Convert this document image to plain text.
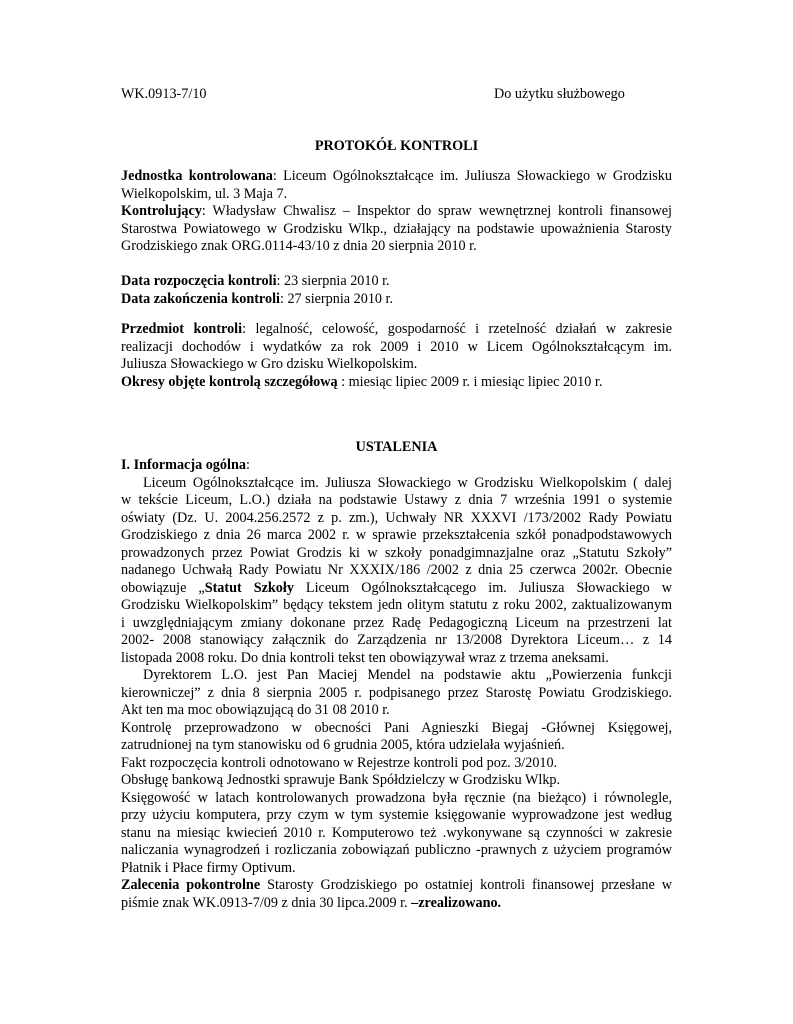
WK.0913-7/10	Do użytku służbowego
PROTOKÓŁ KONTROLI
Jednostka kontrolowana: Liceum Ogólnokształcące im. Juliusza Słowackiego w Grodzisku
Wielkopolskim, ul. 3 Maja 7.
Kontrolujący: Władysław Chwalisz – Inspektor do spraw wewnętrznej kontroli finansowej
Starostwa Powiatowego w Grodzisku Wlkp., działający na podstawie upoważnienia Starosty
Grodziskiego znak ORG.0114-43/10 z dnia 20 sierpnia 2010 r.
Data rozpoczęcia kontroli: 23 sierpnia 2010 r.
Data zakończenia kontroli: 27 sierpnia 2010 r.
Przedmiot kontroli: legalność, celowość, gospodarność i rzetelność działań w zakresie
realizacji dochodów i wydatków za rok 2009 i 2010 w Licem Ogólnokształcącym im.
Juliusza Słowackiego w Gro dzisku Wielkopolskim.
Okresy objęte kontrolą szczegółową : miesiąc lipiec 2009 r. i miesiąc lipiec 2010 r.
USTALENIA
I. Informacja ogólna:
Liceum Ogólnokształcące im. Juliusza Słowackiego w Grodzisku Wielkopolskim ( dalej
w tekście Liceum, L.O.) działa na podstawie Ustawy z dnia 7 września 1991 o systemie
oświaty (Dz. U. 2004.256.2572 z p. zm.), Uchwały NR XXXVI /173/2002 Rady Powiatu
Grodziskiego z dnia 26 marca 2002 r. w sprawie przekształcenia szkół ponadpodstawowych
prowadzonych przez Powiat Grodzis ki w szkoły ponadgimnazjalne oraz „Statutu Szkoły”
nadanego Uchwałą Rady Powiatu Nr XXXIX/186 /2002 z dnia 25 czerwca 2002r. Obecnie
obowiązuje „Statut Szkoły Liceum Ogólnokształcącego im. Juliusza Słowackiego w
Grodzisku Wielkopolskim” będący tekstem jedn olitym statutu z roku 2002, zaktualizowanym
i uwzględniającym zmiany dokonane przez Radę Pedagogiczną Liceum na przestrzeni lat
2002- 2008 stanowiący załącznik do Zarządzenia nr 13/2008 Dyrektora Liceum… z 14
listopada 2008 roku. Do dnia kontroli tekst ten obowiązywał wraz z trzema aneksami.
Dyrektorem L.O. jest Pan Maciej Mendel na podstawie aktu „Powierzenia funkcji
kierowniczej” z dnia 8 sierpnia 2005 r. podpisanego przez Starostę Powiatu Grodziskiego.
Akt ten ma moc obowiązującą do 31 08 2010 r.
Kontrolę przeprowadzono w obecności Pani Agnieszki Biegaj -Głównej Księgowej,
zatrudnionej na tym stanowisku od 6 grudnia 2005, która udzielała wyjaśnień.
Fakt rozpoczęcia kontroli odnotowano w Rejestrze kontroli pod poz. 3/2010.
Obsługę bankową Jednostki sprawuje Bank Spółdzielczy w Grodzisku Wlkp.
Księgowość w latach kontrolowanych prowadzona była ręcznie (na bieżąco) i równolegle,
przy użyciu komputera, przy czym w tym systemie księgowanie wyprowadzone jest według
stanu na miesiąc kwiecień 2010 r. Komputerowo też .wykonywane są czynności w zakresie
naliczania wynagrodzeń i rozliczania zobowiązań publiczno -prawnych z użyciem programów
Płatnik i Płace firmy Optivum.
Zalecenia pokontrolne Starosty Grodziskiego po ostatniej kontroli finansowej przesłane w
piśmie znak WK.0913-7/09 z dnia 30 lipca.2009 r. –zrealizowano.
